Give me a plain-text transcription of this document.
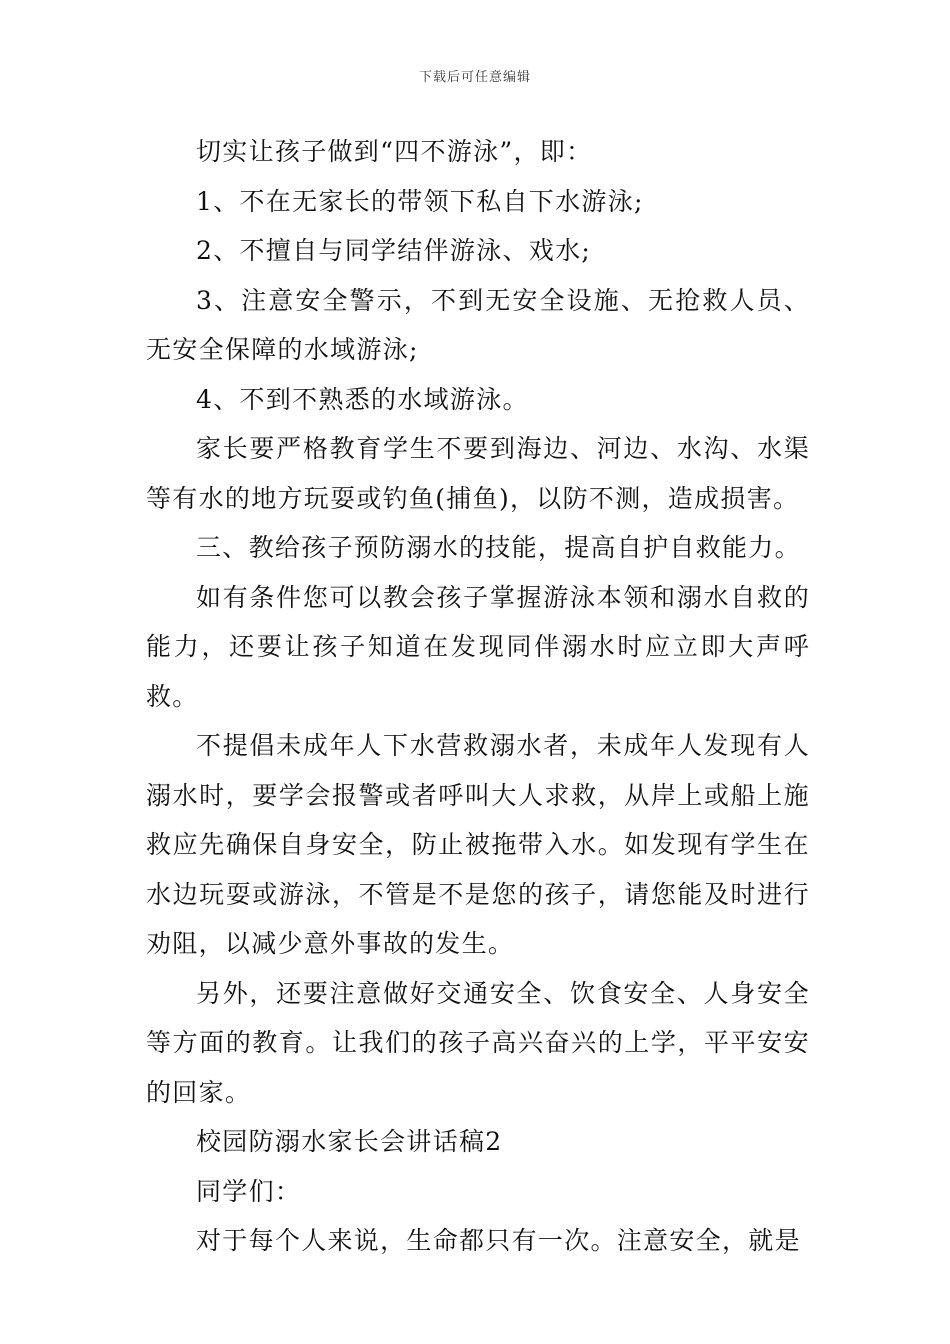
下载后可任意编辑

切实让孩子做到“四不游泳”，即：

1、不在无家长的带领下私自下水游泳;

2、不擅自与同学结伴游泳、戏水;

3、注意安全警示，不到无安全设施、无抢救人员、无安全保障的水域游泳;

4、不到不熟悉的水域游泳。

家长要严格教育学生不要到海边、河边、水沟、水渠等有水的地方玩耍或钓鱼(捕鱼)，以防不测，造成损害。

三、教给孩子预防溺水的技能，提高自护自救能力。

如有条件您可以教会孩子掌握游泳本领和溺水自救的能力，还要让孩子知道在发现同伴溺水时应立即大声呼救。

不提倡未成年人下水营救溺水者，未成年人发现有人溺水时，要学会报警或者呼叫大人求救，从岸上或船上施救应先确保自身安全，防止被拖带入水。如发现有学生在水边玩耍或游泳，不管是不是您的孩子，请您能及时进行劝阻，以减少意外事故的发生。

另外，还要注意做好交通安全、饮食安全、人身安全等方面的教育。让我们的孩子高兴奋兴的上学，平平安安的回家。

校园防溺水家长会讲话稿2

同学们：

对于每个人来说，生命都只有一次。注意安全，就是
